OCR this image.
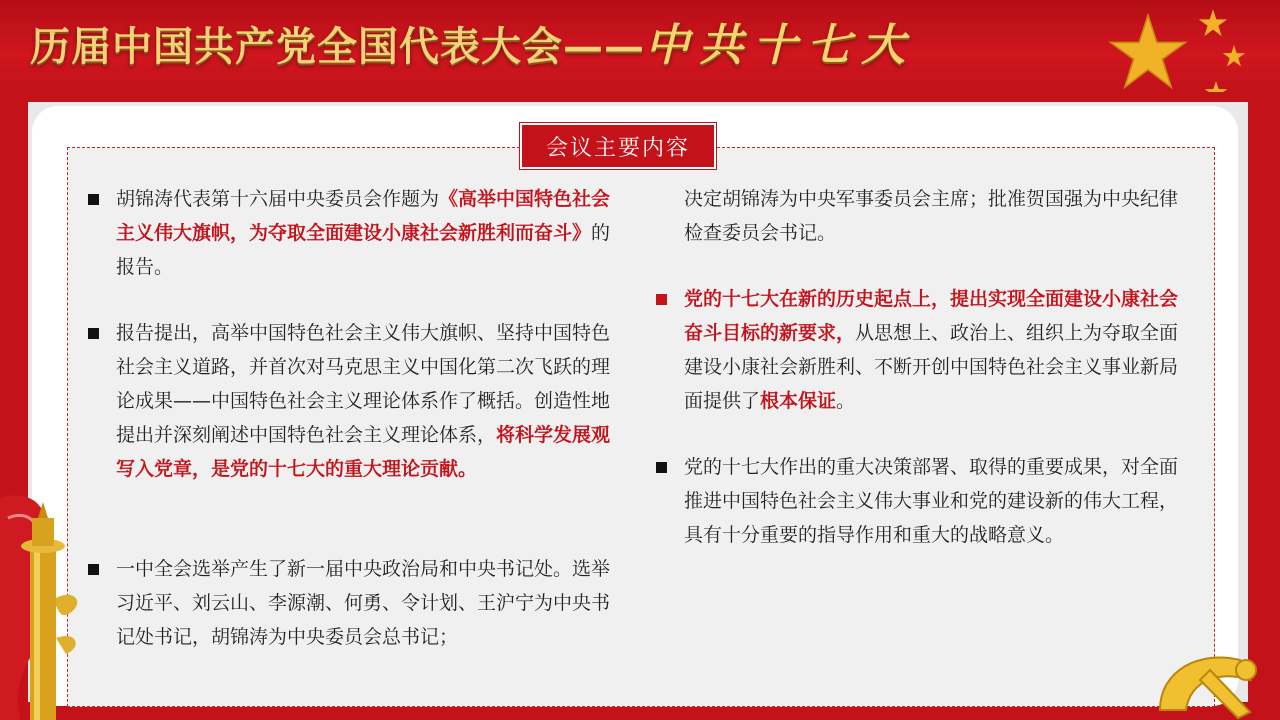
历届中国共产党全国代表大会——中共十七大
会议主要内容
胡锦涛代表第十六届中央委员会作题为《高举中国特色社会主义伟大旗帜，为夺取全面建设小康社会新胜利而奋斗》的报告。
报告提出，高举中国特色社会主义伟大旗帜、坚持中国特色社会主义道路，并首次对马克思主义中国化第二次飞跃的理论成果——中国特色社会主义理论体系作了概括。创造性地提出并深刻阐述中国特色社会主义理论体系，将科学发展观写入党章，是党的十七大的重大理论贡献。
一中全会选举产生了新一届中央政治局和中央书记处。选举习近平、刘云山、李源潮、何勇、令计划、王沪宁为中央书记处书记，胡锦涛为中央委员会总书记；
决定胡锦涛为中央军事委员会主席；批准贺国强为中央纪律检查委员会书记。
党的十七大在新的历史起点上，提出实现全面建设小康社会奋斗目标的新要求，从思想上、政治上、组织上为夺取全面建设小康社会新胜利、不断开创中国特色社会主义事业新局面提供了根本保证。
党的十七大作出的重大决策部署、取得的重要成果，对全面推进中国特色社会主义伟大事业和党的建设新的伟大工程，具有十分重要的指导作用和重大的战略意义。
